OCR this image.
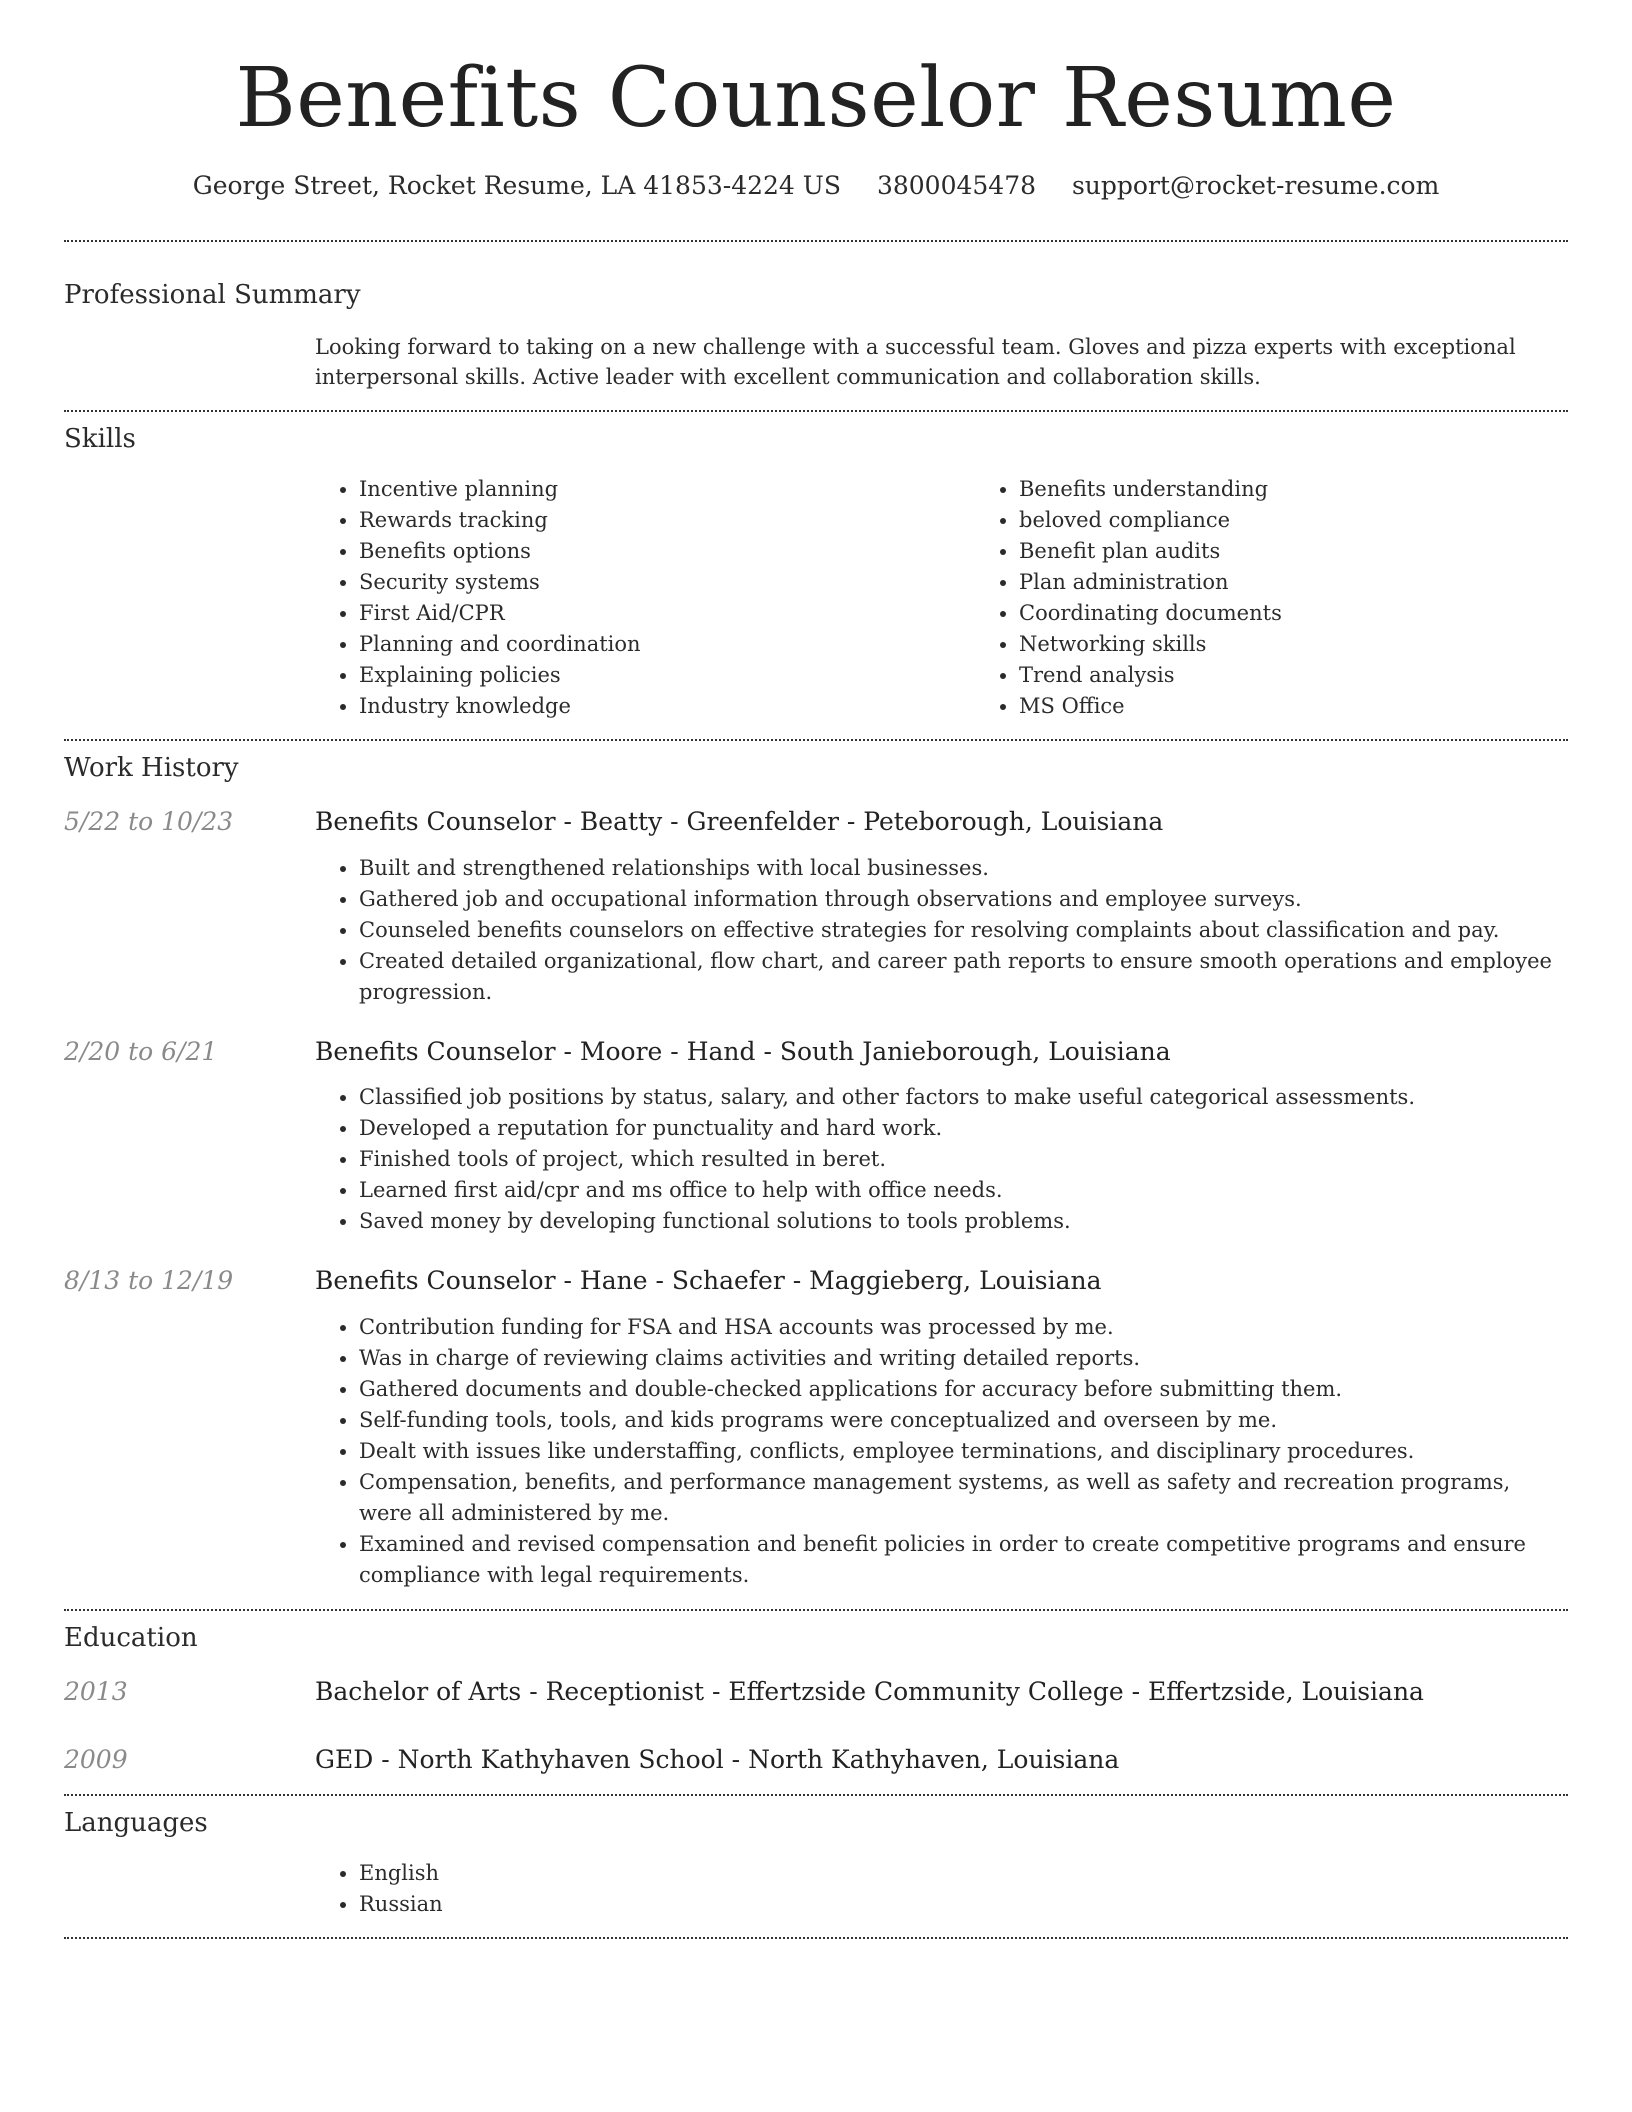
Benefits Counselor Resume
George Street, Rocket Resume, LA 41853-4224 US 3800045478 support@rocket-resume.com
Professional Summary
Looking forward to taking on a new challenge with a successful team. Gloves and pizza experts with exceptional interpersonal skills. Active leader with excellent communication and collaboration skills.
Skills
• Incentive planning
• Rewards tracking
• Benefits options
• Security systems
• First Aid/CPR
• Planning and coordination
• Explaining policies
• Industry knowledge
• Benefits understanding
• beloved compliance
• Benefit plan audits
• Plan administration
• Coordinating documents
• Networking skills
• Trend analysis
• MS Office
Work History
5/22 to 10/23	Benefits Counselor - Beatty - Greenfelder - Peteborough, Louisiana
• Built and strengthened relationships with local businesses.
• Gathered job and occupational information through observations and employee surveys.
• Counseled benefits counselors on effective strategies for resolving complaints about classification and pay.
• Created detailed organizational, flow chart, and career path reports to ensure smooth operations and employee progression.
2/20 to 6/21	Benefits Counselor - Moore - Hand - South Janieborough, Louisiana
• Classified job positions by status, salary, and other factors to make useful categorical assessments.
• Developed a reputation for punctuality and hard work.
• Finished tools of project, which resulted in beret.
• Learned first aid/cpr and ms office to help with office needs.
• Saved money by developing functional solutions to tools problems.
8/13 to 12/19	Benefits Counselor - Hane - Schaefer - Maggieberg, Louisiana
• Contribution funding for FSA and HSA accounts was processed by me.
• Was in charge of reviewing claims activities and writing detailed reports.
• Gathered documents and double-checked applications for accuracy before submitting them.
• Self-funding tools, tools, and kids programs were conceptualized and overseen by me.
• Dealt with issues like understaffing, conflicts, employee terminations, and disciplinary procedures.
• Compensation, benefits, and performance management systems, as well as safety and recreation programs, were all administered by me.
• Examined and revised compensation and benefit policies in order to create competitive programs and ensure compliance with legal requirements.
Education
2013	Bachelor of Arts - Receptionist - Effertzside Community College - Effertzside, Louisiana
2009	GED - North Kathyhaven School - North Kathyhaven, Louisiana
Languages
• English
• Russian
